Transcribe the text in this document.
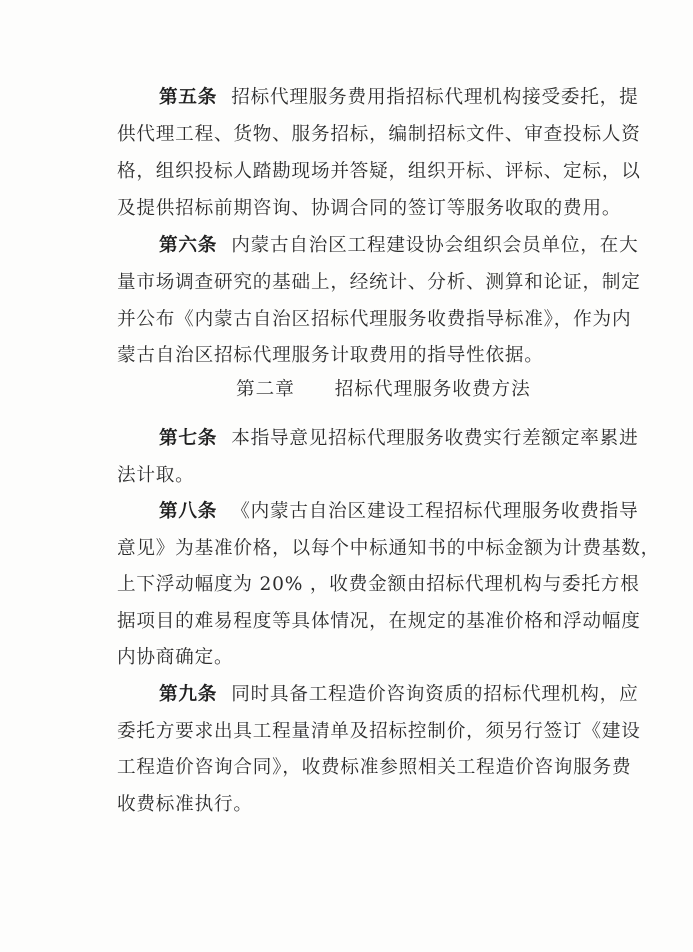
第五条 招标代理服务费用指招标代理机构接受委托，提
供代理工程、货物、服务招标，编制招标文件、审查投标人资
格，组织投标人踏勘现场并答疑，组织开标、评标、定标，以
及提供招标前期咨询、协调合同的签订等服务收取的费用。
第六条 内蒙古自治区工程建设协会组织会员单位，在大
量市场调查研究的基础上，经统计、分析、测算和论证，制定
并公布《内蒙古自治区招标代理服务收费指导标准》，作为内
蒙古自治区招标代理服务计取费用的指导性依据。
第二章 招标代理服务收费方法
第七条 本指导意见招标代理服务收费实行差额定率累进
法计取。
第八条 《内蒙古自治区建设工程招标代理服务收费指导
意见》为基准价格，以每个中标通知书的中标金额为计费基数，
上下浮动幅度为 20% ，收费金额由招标代理机构与委托方根
据项目的难易程度等具体情况，在规定的基准价格和浮动幅度
内协商确定。
第九条 同时具备工程造价咨询资质的招标代理机构，应
委托方要求出具工程量清单及招标控制价，须另行签订《建设
工程造价咨询合同》，收费标准参照相关工程造价咨询服务费
收费标准执行。
